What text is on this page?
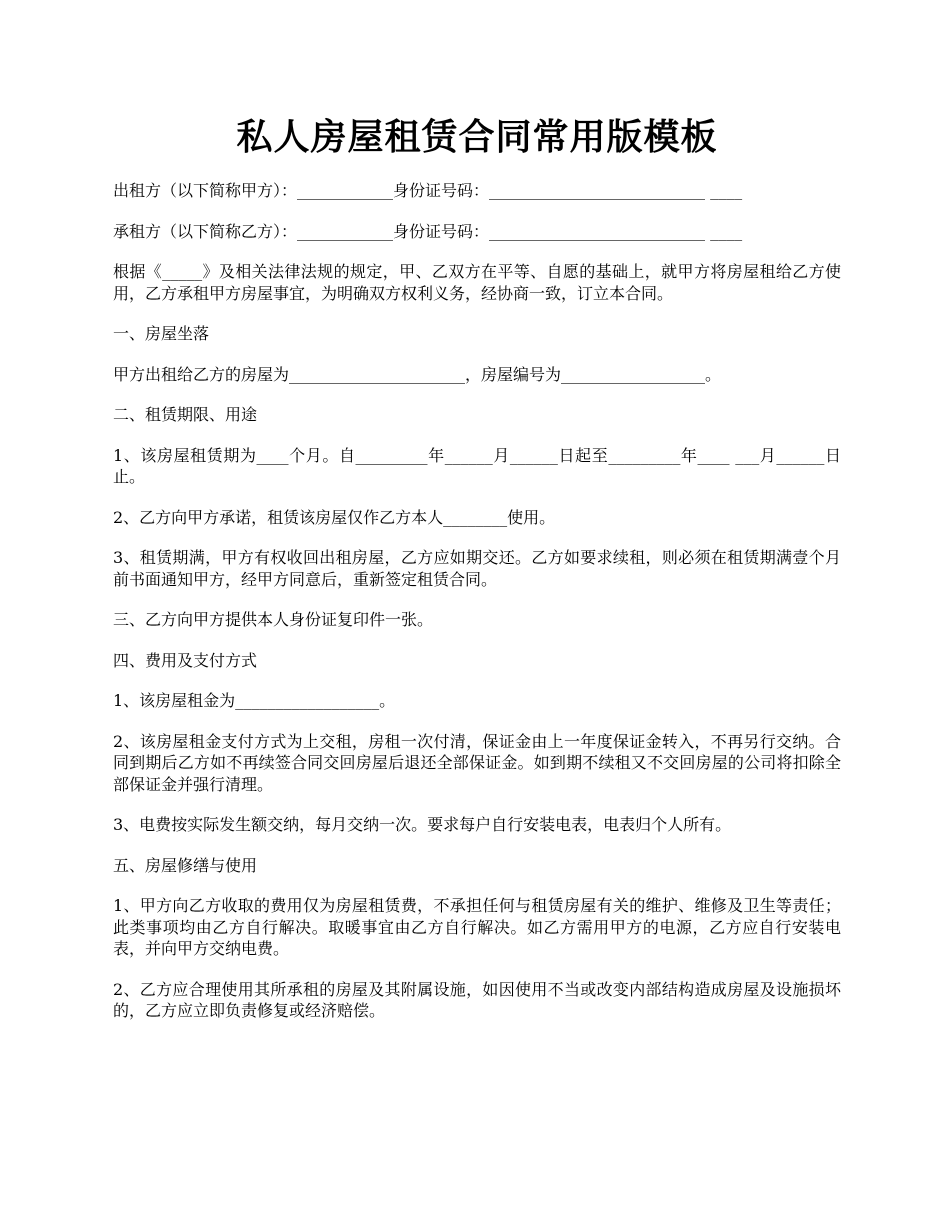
私人房屋租赁合同常用版模板

出租方（以下简称甲方）：____________身份证号码：___________________________ ____

承租方（以下简称乙方）：____________身份证号码：___________________________ ____

根据《_____》及相关法律法规的规定，甲、乙双方在平等、自愿的基础上，就甲方将房屋租给乙方使用，乙方承租甲方房屋事宜，为明确双方权利义务，经协商一致，订立本合同。

一、房屋坐落

甲方出租给乙方的房屋为______________________，房屋编号为__________________。

二、租赁期限、用途

1、该房屋租赁期为____个月。自_________年______月______日起至_________年____ ___月______日止。

2、乙方向甲方承诺，租赁该房屋仅作乙方本人________使用。

3、租赁期满，甲方有权收回出租房屋，乙方应如期交还。乙方如要求续租，则必须在租赁期满壹个月前书面通知甲方，经甲方同意后，重新签定租赁合同。

三、乙方向甲方提供本人身份证复印件一张。

四、费用及支付方式

1、该房屋租金为__________________。

2、该房屋租金支付方式为上交租，房租一次付清，保证金由上一年度保证金转入，不再另行交纳。合同到期后乙方如不再续签合同交回房屋后退还全部保证金。如到期不续租又不交回房屋的公司将扣除全部保证金并强行清理。

3、电费按实际发生额交纳，每月交纳一次。要求每户自行安装电表，电表归个人所有。

五、房屋修缮与使用

1、甲方向乙方收取的费用仅为房屋租赁费，不承担任何与租赁房屋有关的维护、维修及卫生等责任；此类事项均由乙方自行解决。取暖事宜由乙方自行解决。如乙方需用甲方的电源，乙方应自行安装电表，并向甲方交纳电费。

2、乙方应合理使用其所承租的房屋及其附属设施，如因使用不当或改变内部结构造成房屋及设施损坏的，乙方应立即负责修复或经济赔偿。
